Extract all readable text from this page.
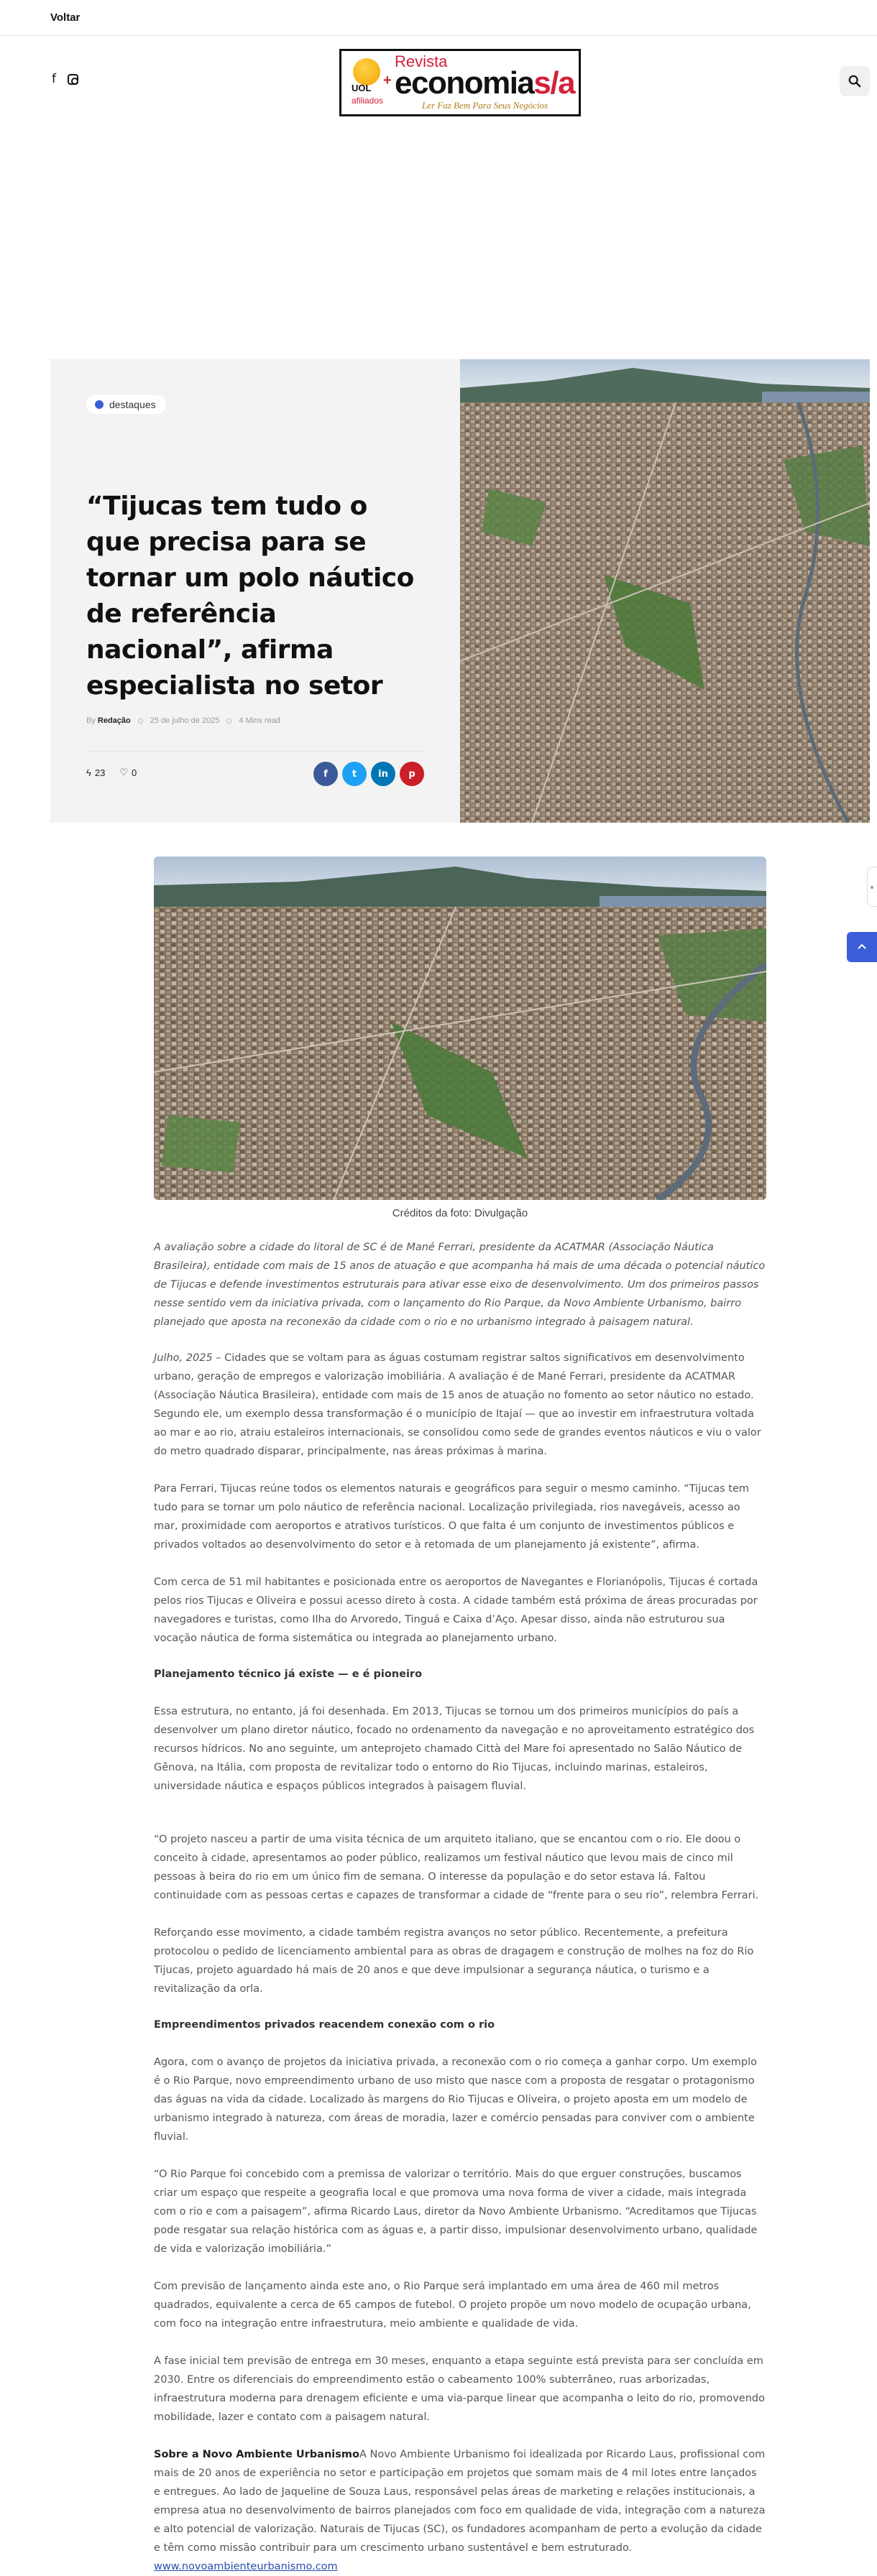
Voltar
f
UOL
afiliados
+
Revista
economias/a
Ler Faz Bem Para Seus Negócios
destaques
“Tijucas tem tudo o que precisa para se tornar um polo náutico de referência nacional”, afirma especialista no setor
By Redação 25 de julho de 2025 4 Mins read
ϟ 23 ♡ 0	f	t	in	p
Créditos da foto: Divulgação

A avaliação sobre a cidade do litoral de SC é de Mané Ferrari, presidente da ACATMAR (Associação Náutica Brasileira), entidade com mais de 15 anos de atuação e que acompanha há mais de uma década o potencial náutico de Tijucas e defende investimentos estruturais para ativar esse eixo de desenvolvimento. Um dos primeiros passos nesse sentido vem da iniciativa privada, com o lançamento do Rio Parque, da Novo Ambiente Urbanismo, bairro planejado que aposta na reconexão da cidade com o rio e no urbanismo integrado à paisagem natural.

Julho, 2025 – Cidades que se voltam para as águas costumam registrar saltos significativos em desenvolvimento urbano, geração de empregos e valorização imobiliária. A avaliação é de Mané Ferrari, presidente da ACATMAR (Associação Náutica Brasileira), entidade com mais de 15 anos de atuação no fomento ao setor náutico no estado. Segundo ele, um exemplo dessa transformação é o município de Itajaí — que ao investir em infraestrutura voltada ao mar e ao rio, atraiu estaleiros internacionais, se consolidou como sede de grandes eventos náuticos e viu o valor do metro quadrado disparar, principalmente, nas áreas próximas à marina.

Para Ferrari, Tijucas reúne todos os elementos naturais e geográficos para seguir o mesmo caminho. “Tijucas tem tudo para se tornar um polo náutico de referência nacional. Localização privilegiada, rios navegáveis, acesso ao mar, proximidade com aeroportos e atrativos turísticos. O que falta é um conjunto de investimentos públicos e privados voltados ao desenvolvimento do setor e à retomada de um planejamento já existente”, afirma.

Com cerca de 51 mil habitantes e posicionada entre os aeroportos de Navegantes e Florianópolis, Tijucas é cortada pelos rios Tijucas e Oliveira e possui acesso direto à costa. A cidade também está próxima de áreas procuradas por navegadores e turistas, como Ilha do Arvoredo, Tinguá e Caixa d’Aço. Apesar disso, ainda não estruturou sua vocação náutica de forma sistemática ou integrada ao planejamento urbano.

Planejamento técnico já existe — e é pioneiro

Essa estrutura, no entanto, já foi desenhada. Em 2013, Tijucas se tornou um dos primeiros municípios do país a desenvolver um plano diretor náutico, focado no ordenamento da navegação e no aproveitamento estratégico dos recursos hídricos. No ano seguinte, um anteprojeto chamado Città del Mare foi apresentado no Salão Náutico de Gênova, na Itália, com proposta de revitalizar todo o entorno do Rio Tijucas, incluindo marinas, estaleiros, universidade náutica e espaços públicos integrados à paisagem fluvial.

“O projeto nasceu a partir de uma visita técnica de um arquiteto italiano, que se encantou com o rio. Ele doou o conceito à cidade, apresentamos ao poder público, realizamos um festival náutico que levou mais de cinco mil pessoas à beira do rio em um único fim de semana. O interesse da população e do setor estava lá. Faltou continuidade com as pessoas certas e capazes de transformar a cidade de “frente para o seu rio”, relembra Ferrari.

Reforçando esse movimento, a cidade também registra avanços no setor público. Recentemente, a prefeitura protocolou o pedido de licenciamento ambiental para as obras de dragagem e construção de molhes na foz do Rio Tijucas, projeto aguardado há mais de 20 anos e que deve impulsionar a segurança náutica, o turismo e a revitalização da orla.

Empreendimentos privados reacendem conexão com o rio

Agora, com o avanço de projetos da iniciativa privada, a reconexão com o rio começa a ganhar corpo. Um exemplo é o Rio Parque, novo empreendimento urbano de uso misto que nasce com a proposta de resgatar o protagonismo das águas na vida da cidade. Localizado às margens do Rio Tijucas e Oliveira, o projeto aposta em um modelo de urbanismo integrado à natureza, com áreas de moradia, lazer e comércio pensadas para conviver com o ambiente fluvial.

“O Rio Parque foi concebido com a premissa de valorizar o território. Mais do que erguer construções, buscamos criar um espaço que respeite a geografia local e que promova uma nova forma de viver a cidade, mais integrada com o rio e com a paisagem”, afirma Ricardo Laus, diretor da Novo Ambiente Urbanismo. “Acreditamos que Tijucas pode resgatar sua relação histórica com as águas e, a partir disso, impulsionar desenvolvimento urbano, qualidade de vida e valorização imobiliária.”

Com previsão de lançamento ainda este ano, o Rio Parque será implantado em uma área de 460 mil metros quadrados, equivalente a cerca de 65 campos de futebol. O projeto propõe um novo modelo de ocupação urbana, com foco na integração entre infraestrutura, meio ambiente e qualidade de vida.

A fase inicial tem previsão de entrega em 30 meses, enquanto a etapa seguinte está prevista para ser concluída em 2030. Entre os diferenciais do empreendimento estão o cabeamento 100% subterrâneo, ruas arborizadas, infraestrutura moderna para drenagem eficiente e uma via-parque linear que acompanha o leito do rio, promovendo mobilidade, lazer e contato com a paisagem natural.

Sobre a Novo Ambiente UrbanismoA Novo Ambiente Urbanismo foi idealizada por Ricardo Laus, profissional com mais de 20 anos de experiência no setor e participação em projetos que somam mais de 4 mil lotes entre lançados e entregues. Ao lado de Jaqueline de Souza Laus, responsável pelas áreas de marketing e relações institucionais, a empresa atua no desenvolvimento de bairros planejados com foco em qualidade de vida, integração com a natureza e alto potencial de valorização. Naturais de Tijucas (SC), os fundadores acompanham de perto a evolução da cidade e têm como missão contribuir para um crescimento urbano sustentável e bem estruturado.
www.novoambienteurbanismo.com
